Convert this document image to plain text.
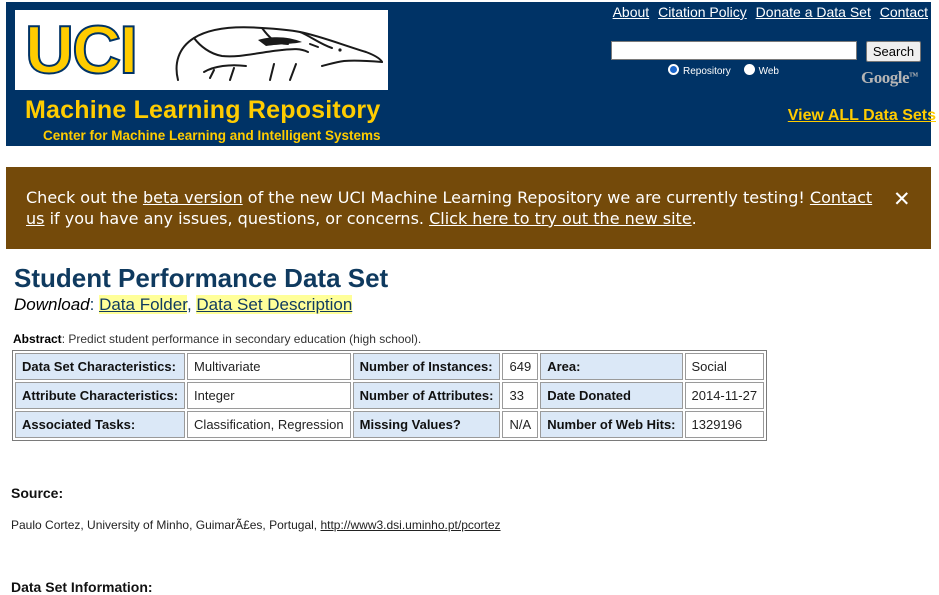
UCI
Machine Learning Repository
Center for Machine Learning and Intelligent Systems
About Citation Policy Donate a Data Set Contact
Search
Repository	Web	Google™
View ALL Data Sets
Check out the beta version of the new UCI Machine Learning Repository we are currently testing! Contact us if you have any issues, questions, or concerns. Click here to try out the new site.
✕
Student Performance Data Set
Download: Data Folder, Data Set Description
Abstract: Predict student performance in secondary education (high school).
Data Set Characteristics:	Multivariate	Number of Instances:	649	Area:	Social
Attribute Characteristics:	Integer	Number of Attributes:	33	Date Donated	2014-11-27
Associated Tasks:	Classification, Regression	Missing Values?	N/A	Number of Web Hits:	1329196
Source:
Paulo Cortez, University of Minho, GuimarÃ£es, Portugal, http://www3.dsi.uminho.pt/pcortez
Data Set Information:
